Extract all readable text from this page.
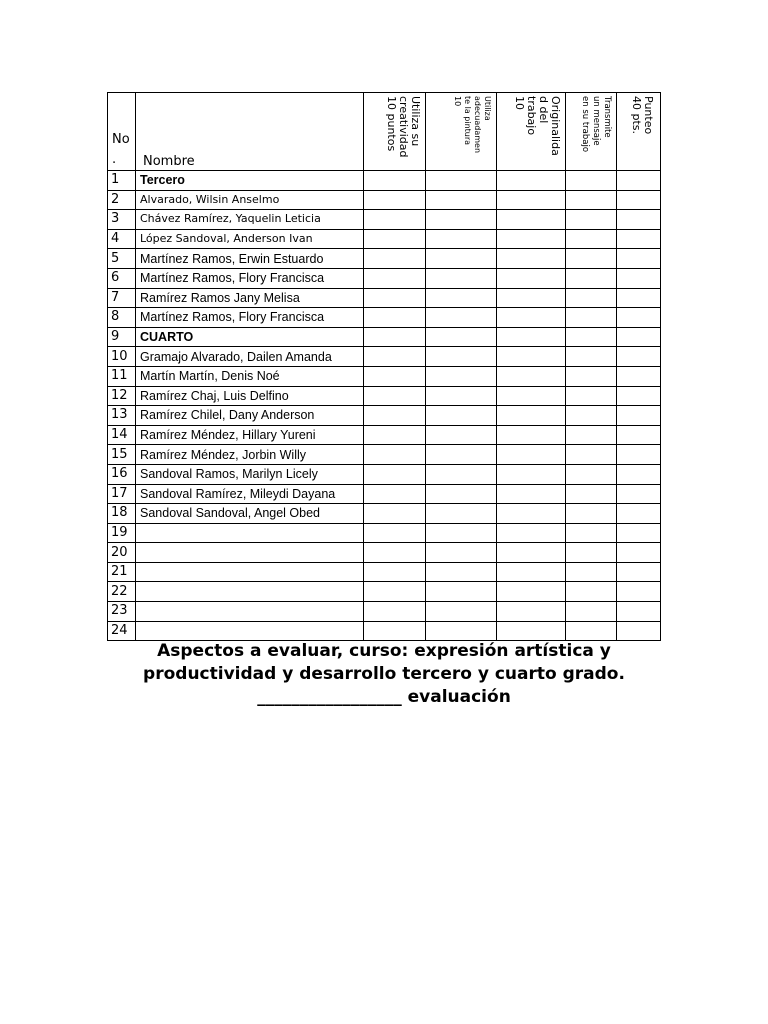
No
.	Nombre	Utiliza su
creatividad
10 puntos	Utiliza
adecuadamen
te la pintura
10	Originalida
d del
trabajo
10	Transmite
un mensaje
en su trabajo	Punteo
40 pts.

1	Tercero					
2	Alvarado, Wilsin Anselmo					
3	Chávez Ramírez, Yaquelin Leticia					
4	López Sandoval, Anderson Ivan					
5	Martínez Ramos, Erwin Estuardo					
6	Martínez Ramos, Flory Francisca					
7	Ramírez Ramos Jany Melisa					
8	Martínez Ramos, Flory Francisca					
9	CUARTO					
10	Gramajo Alvarado, Dailen Amanda					
11	Martín Martín, Denis Noé					
12	Ramírez Chaj, Luis Delfino					
13	Ramírez Chilel, Dany Anderson					
14	Ramírez Méndez, Hillary Yureni					
15	Ramírez Méndez, Jorbin Willy					
16	Sandoval Ramos, Marilyn Licely					
17	Sandoval Ramírez, Mileydi Dayana					
18	Sandoval Sandoval, Angel Obed					
19						
20						
21						
22						
23						
24						
Aspectos a evaluar, curso: expresión artística y
productividad y desarrollo tercero y cuarto grado.
_________________ evaluación
